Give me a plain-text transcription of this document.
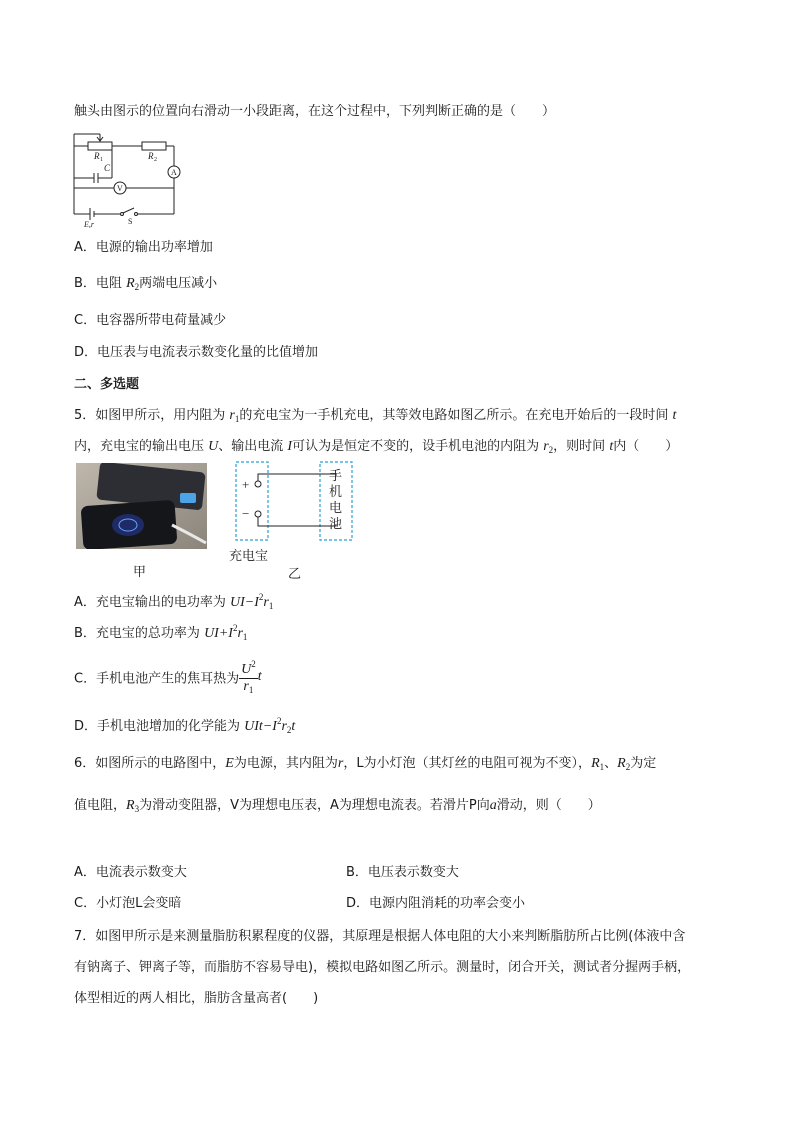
触头由图示的位置向右滑动一小段距离，在这个过程中，下列判断正确的是（　　）
R 1	R 2
C	A
V
E,r	S
A．电源的输出功率增加
B．电阻 $R_2$两端电压减小
C．电容器所带电荷量减少
D．电压表与电流表示数变化量的比值增加
二、多选题
5．如图甲所示，用内阻为 $r_1$的充电宝为一手机充电，其等效电路如图乙所示。在充电开始后的一段时间 t
内，充电宝的输出电压 U、输出电流 I可认为是恒定不变的，设手机电池的内阻为 $r_2$，则时间 t内（　　）
甲
+
−
手
机
电
池
充电宝
乙
A．充电宝输出的电功率为 $UI-I^2r_1$
B．充电宝的总功率为 $UI+I^2r_1$
C．手机电池产生的焦耳热为 $\frac{U^2}{r_1}$ t
D．手机电池增加的化学能为 $UIt-I^2r_2t$
6．如图所示的电路图中，E为电源，其内阻为r，L为小灯泡（其灯丝的电阻可视为不变），$R_1$、$R_2$为定
值电阻，$R_3$为滑动变阻器，V为理想电压表，A为理想电流表。若滑片P向a滑动，则（　　）
A．电流表示数变大	B．电压表示数变大
C．小灯泡L会变暗	D．电源内阻消耗的功率会变小
7．如图甲所示是来测量脂肪积累程度的仪器，其原理是根据人体电阻的大小来判断脂肪所占比例(体液中含
有钠离子、钾离子等，而脂肪不容易导电)，模拟电路如图乙所示。测量时，闭合开关，测试者分握两手柄，
体型相近的两人相比，脂肪含量高者(　　)
